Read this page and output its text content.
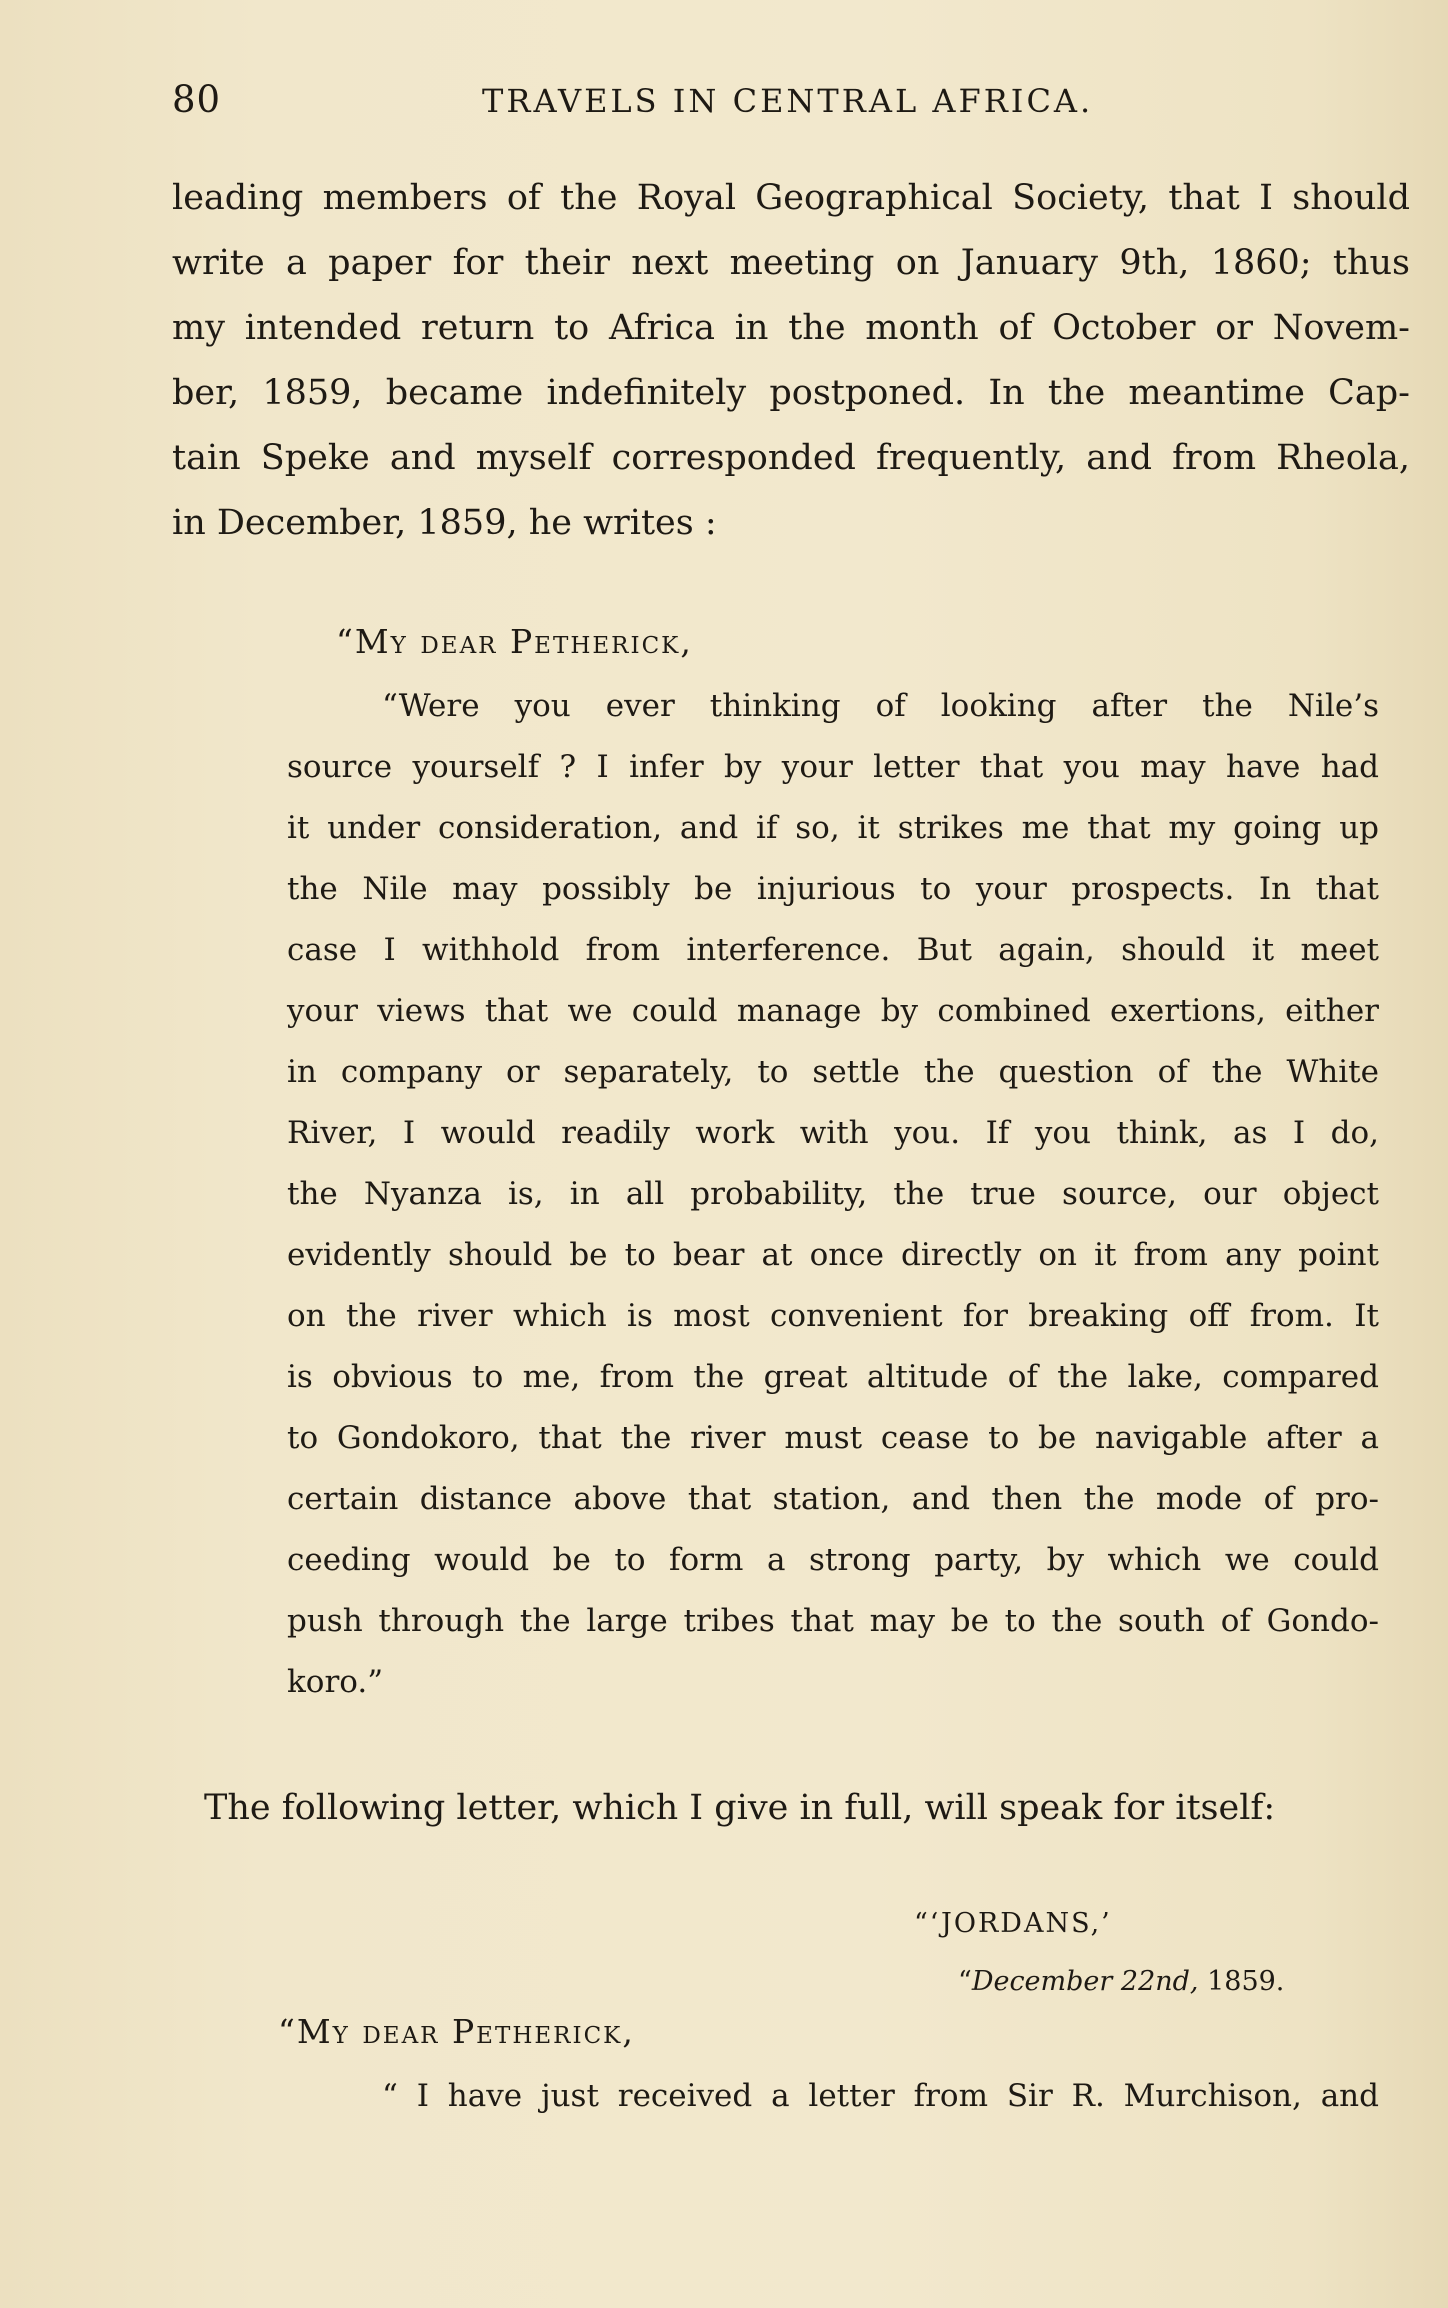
80	TRAVELS IN CENTRAL AFRICA.
leading members of the Royal Geographical Society, that I should
write a paper for their next meeting on January 9th, 1860; thus
my intended return to Africa in the month of October or Novem-
ber, 1859, became indefinitely postponed. In the meantime Cap-
tain Speke and myself corresponded frequently, and from Rheola,
in December, 1859, he writes :
“My dear Petherick,
“Were you ever thinking of looking after the Nile’s
source yourself ? I infer by your letter that you may have had
it under consideration, and if so, it strikes me that my going up
the Nile may possibly be injurious to your prospects. In that
case I withhold from interference. But again, should it meet
your views that we could manage by combined exertions, either
in company or separately, to settle the question of the White
River, I would readily work with you. If you think, as I do,
the Nyanza is, in all probability, the true source, our object
evidently should be to bear at once directly on it from any point
on the river which is most convenient for breaking off from. It
is obvious to me, from the great altitude of the lake, compared
to Gondokoro, that the river must cease to be navigable after a
certain distance above that station, and then the mode of pro-
ceeding would be to form a strong party, by which we could
push through the large tribes that may be to the south of Gondo-
koro.”
The following letter, which I give in full, will speak for itself:
“‘JORDANS,’
“December 22nd, 1859.
“My dear Petherick,
“ I have just received a letter from Sir R. Murchison, and
